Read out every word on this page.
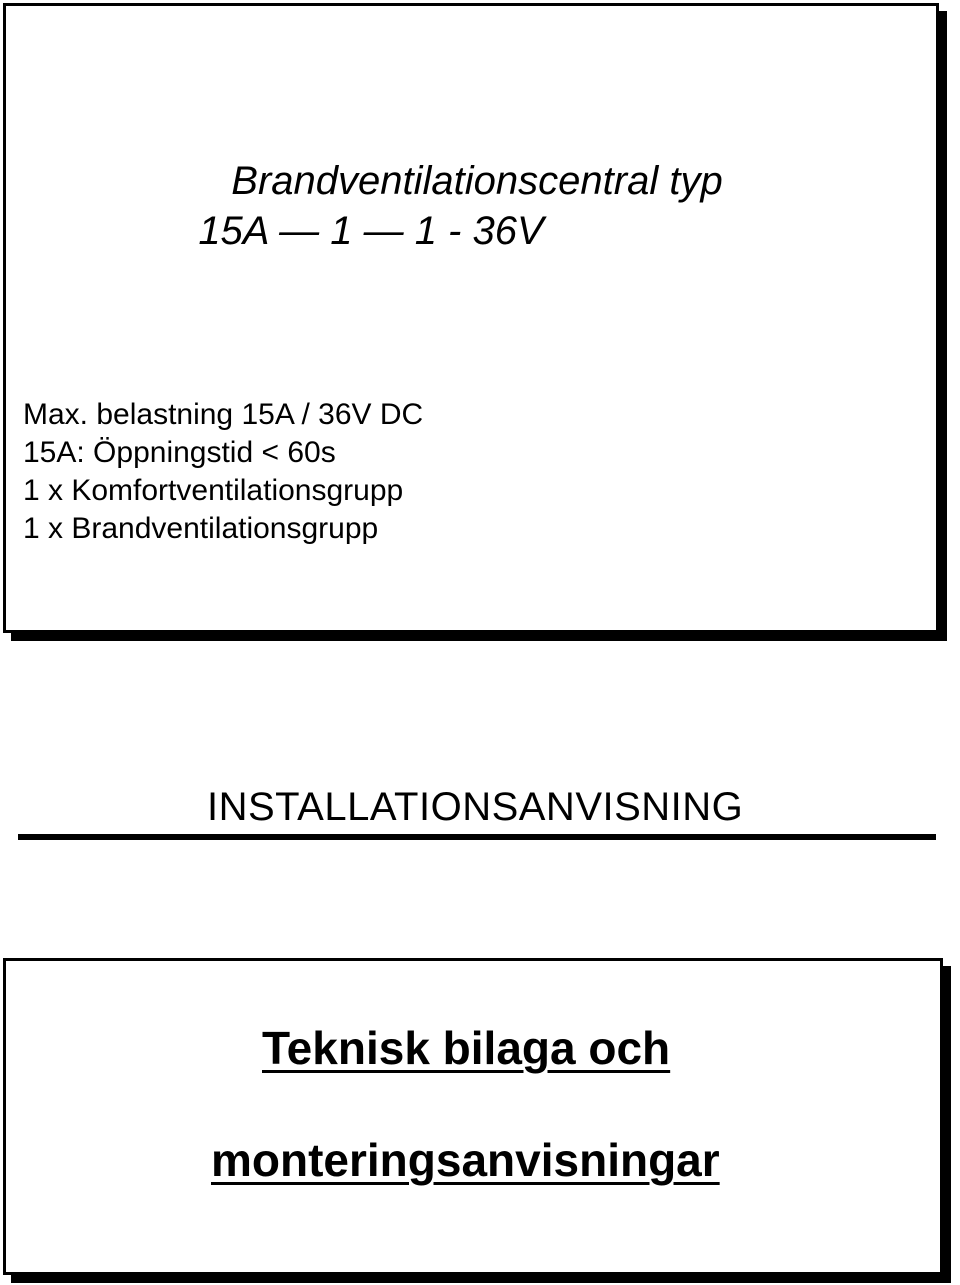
Brandventilationscentral typ
15A — 1 — 1 - 36V
Max. belastning 15A / 36V DC
15A: Öppningstid < 60s
1 x Komfortventilationsgrupp
1 x Brandventilationsgrupp
INSTALLATIONSANVISNING
Teknisk bilaga och
monteringsanvisningar
